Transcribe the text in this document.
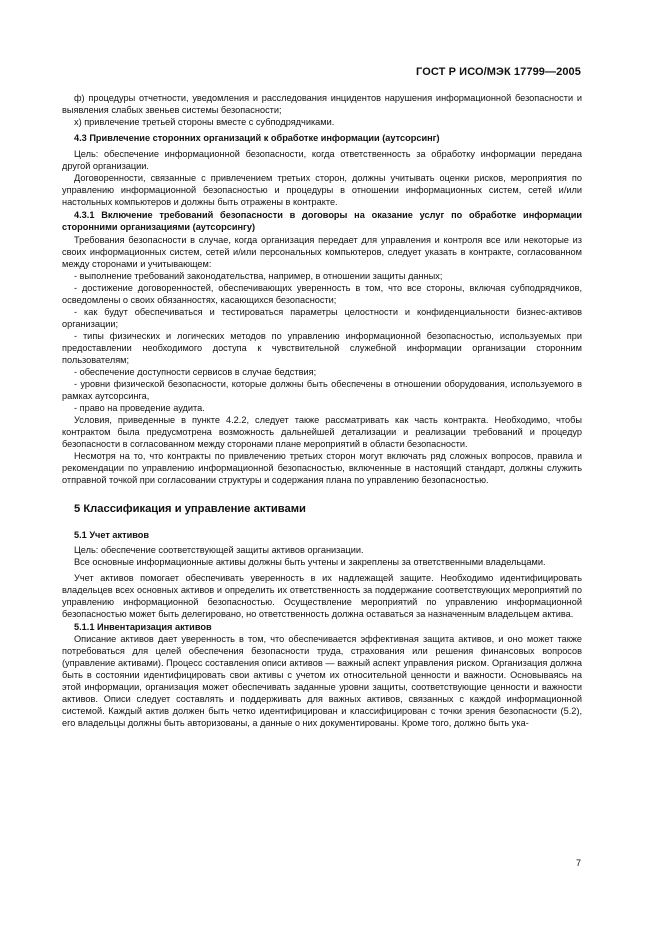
ГОСТ Р ИСО/МЭК 17799—2005

ф) процедуры отчетности, уведомления и расследования инцидентов нарушения информационной безопасности и выявления слабых звеньев системы безопасности;

х) привлечение третьей стороны вместе с субподрядчиками.

4.3 Привлечение сторонних организаций к обработке информации (аутсорсинг)

Цель: обеспечение информационной безопасности, когда ответственность за обработку информации передана другой организации.

Договоренности, связанные с привлечением третьих сторон, должны учитывать оценки рисков, мероприятия по управлению информационной безопасностью и процедуры в отношении информационных систем, сетей и/или настольных компьютеров и должны быть отражены в контракте.

4.3.1 Включение требований безопасности в договоры на оказание услуг по обработке информации сторонними организациями (аутсорсингу)

Требования безопасности в случае, когда организация передает для управления и контроля все или некоторые из своих информационных систем, сетей и/или персональных компьютеров, следует указать в контракте, согласованном между сторонами и учитывающем:

- выполнение требований законодательства, например, в отношении защиты данных;

- достижение договоренностей, обеспечивающих уверенность в том, что все стороны, включая субподрядчиков, осведомлены о своих обязанностях, касающихся безопасности;

- как будут обеспечиваться и тестироваться параметры целостности и конфиденциальности бизнес-активов организации;

- типы физических и логических методов по управлению информационной безопасностью, используемых при предоставлении необходимого доступа к чувствительной служебной информации организации сторонним пользователям;

- обеспечение доступности сервисов в случае бедствия;

- уровни физической безопасности, которые должны быть обеспечены в отношении оборудования, используемого в рамках аутсорсинга,

- право на проведение аудита.

Условия, приведенные в пункте 4.2.2, следует также рассматривать как часть контракта. Необходимо, чтобы контрактом была предусмотрена возможность дальнейшей детализации и реализации требований и процедур безопасности в согласованном между сторонами плане мероприятий в области безопасности.

Несмотря на то, что контракты по привлечению третьих сторон могут включать ряд сложных вопросов, правила и рекомендации по управлению информационной безопасностью, включенные в настоящий стандарт, должны служить отправной точкой при согласовании структуры и содержания плана по управлению безопасностью.

5 Классификация и управление активами

5.1 Учет активов

Цель: обеспечение соответствующей защиты активов организации.

Все основные информационные активы должны быть учтены и закреплены за ответственными владельцами.

Учет активов помогает обеспечивать уверенность в их надлежащей защите. Необходимо идентифицировать владельцев всех основных активов и определить их ответственность за поддержание соответствующих мероприятий по управлению информационной безопасностью. Осуществление мероприятий по управлению информационной безопасностью может быть делегировано, но ответственность должна оставаться за назначенным владельцем актива.

5.1.1 Инвентаризация активов

Описание активов дает уверенность в том, что обеспечивается эффективная защита активов, и оно может также потребоваться для целей обеспечения безопасности труда, страхования или решения финансовых вопросов (управление активами). Процесс составления описи активов — важный аспект управления риском. Организация должна быть в состоянии идентифицировать свои активы с учетом их относительной ценности и важности. Основываясь на этой информации, организация может обеспечивать заданные уровни защиты, соответствующие ценности и важности активов. Описи следует составлять и поддерживать для важных активов, связанных с каждой информационной системой. Каждый актив должен быть четко идентифицирован и классифицирован с точки зрения безопасности (5.2), его владельцы должны быть авторизованы, а данные о них документированы. Кроме того, должно быть ука-

7
